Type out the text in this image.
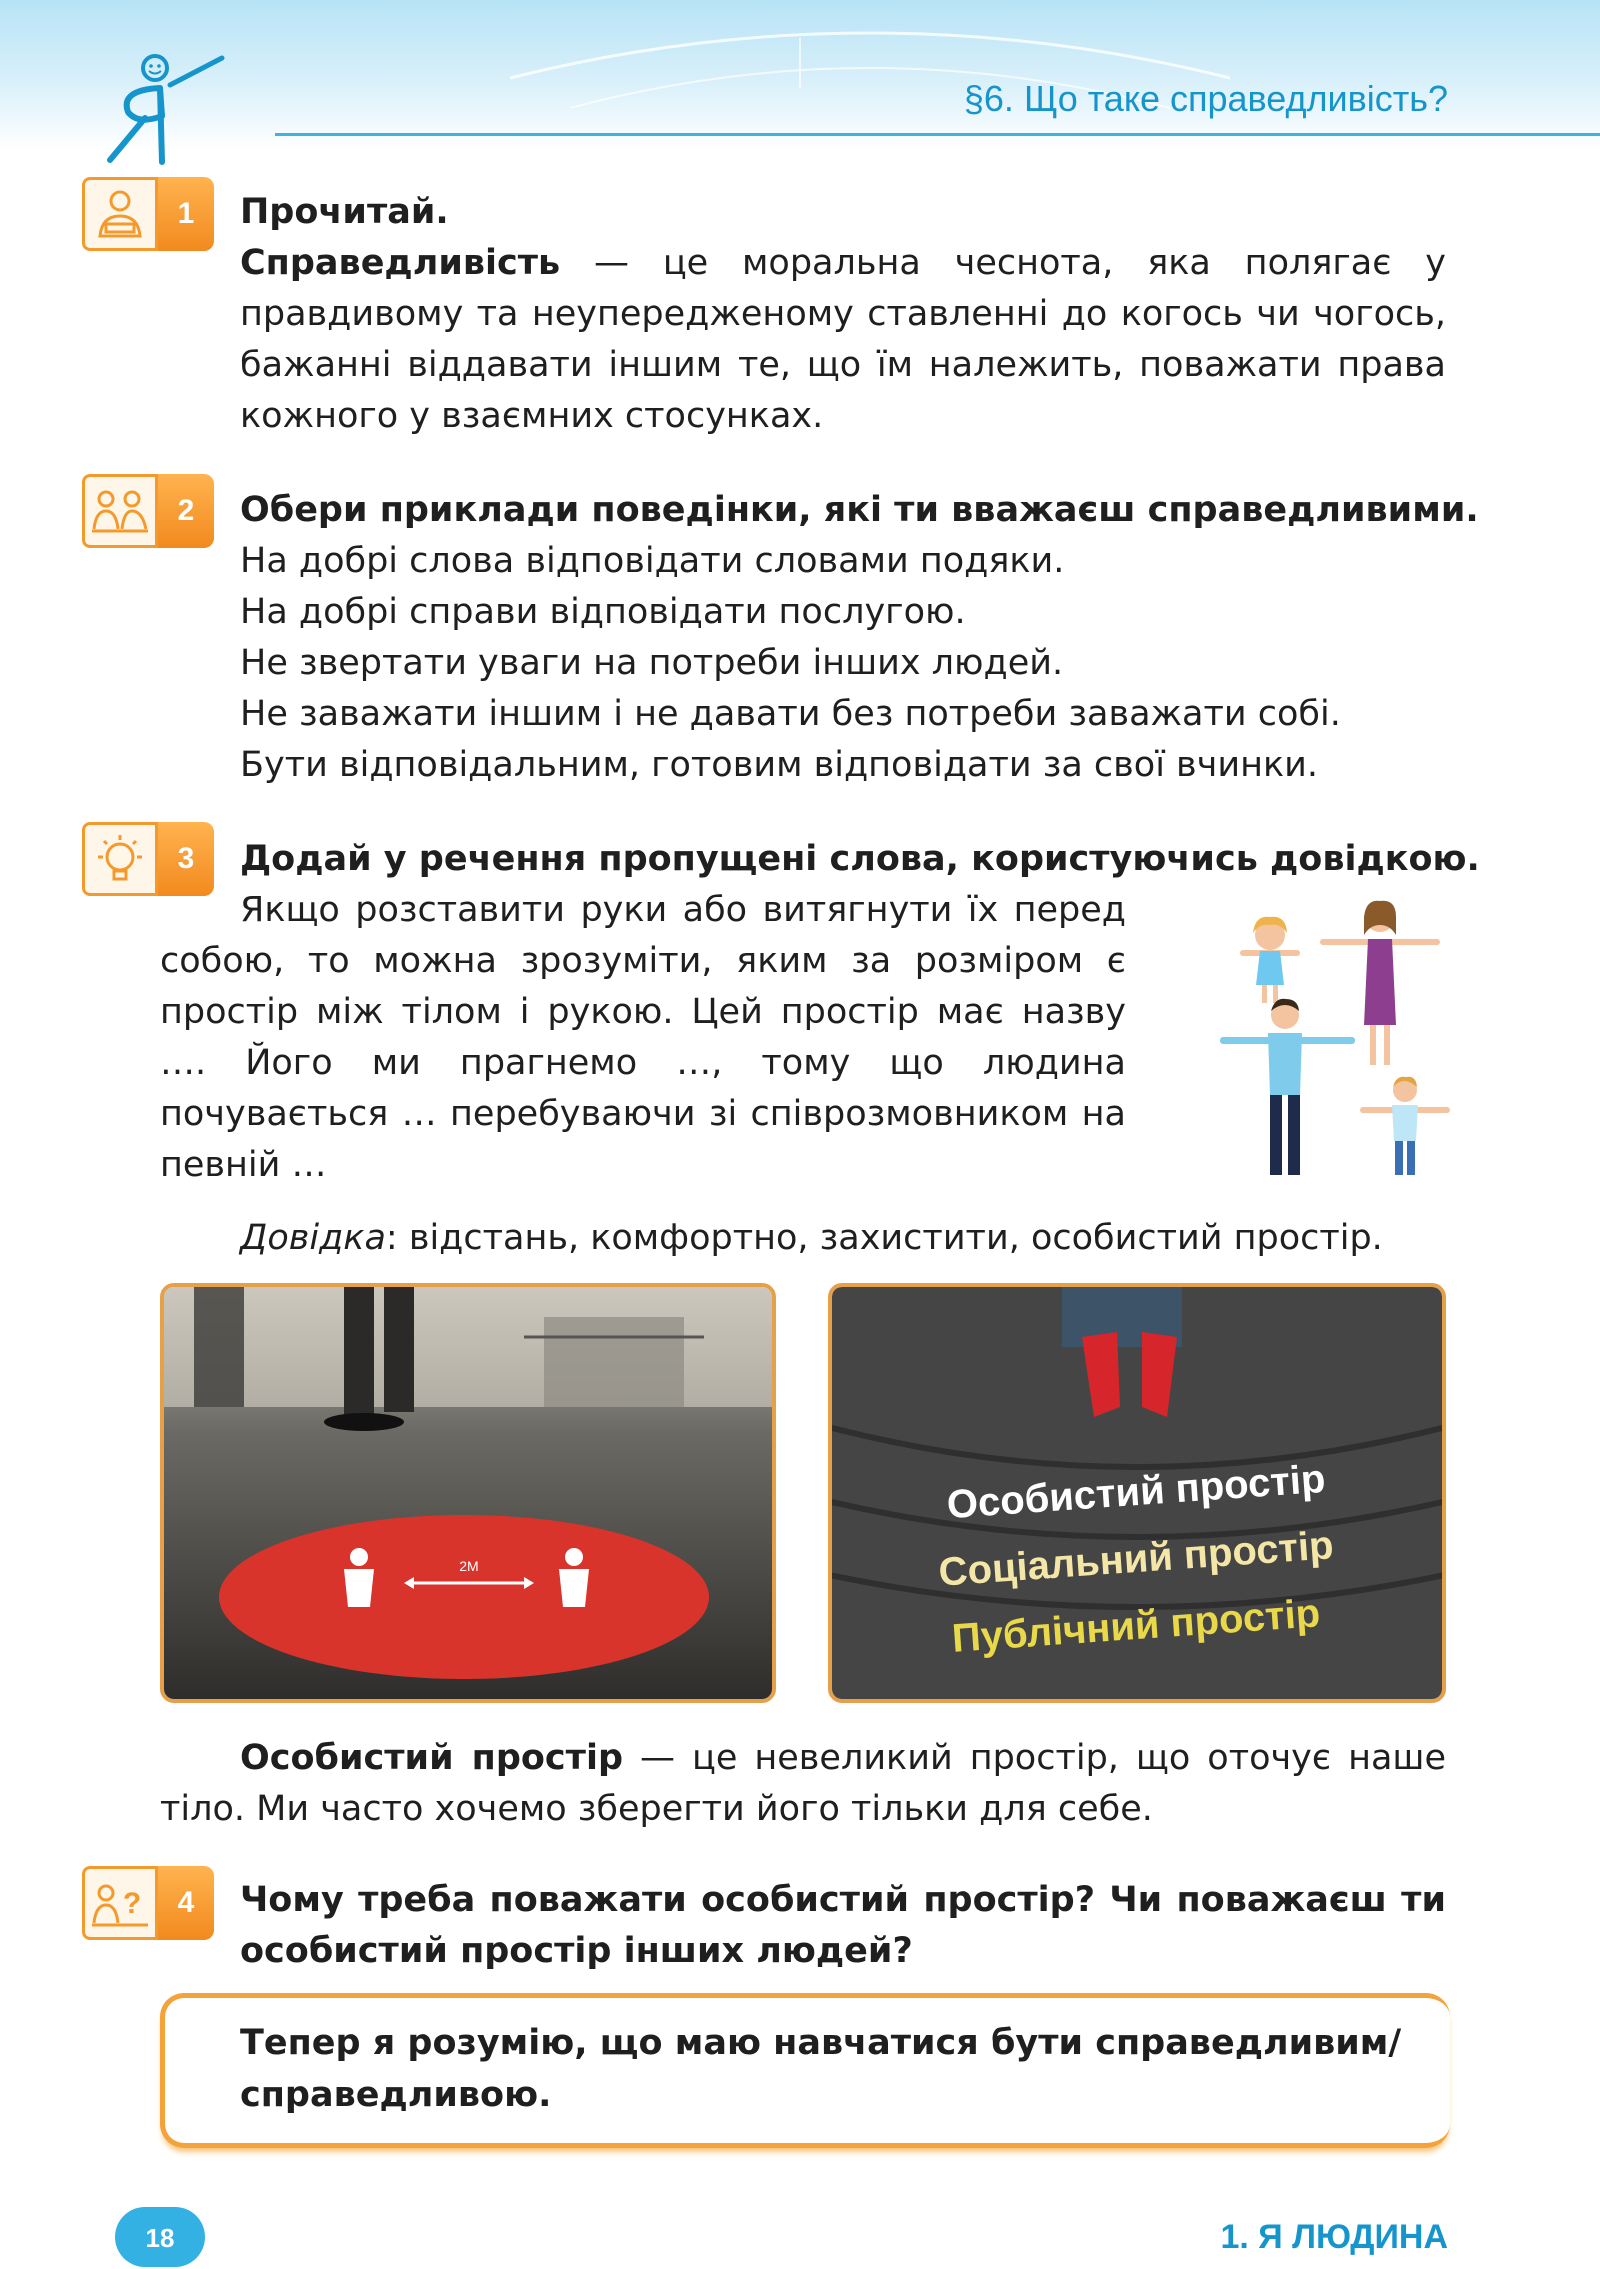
§6. Що таке справедливість?
1	Прочитай.

Справедливість — це моральна чеснота, яка полягає у правдивому та неупередженому ставленні до когось чи чогось, бажанні віддавати іншим те, що їм належить, поважати права кожного у взаємних стосунках.

2	Обери приклади поведінки, які ти вважаєш справедливими.

На добрі слова відповідати словами подяки.

На добрі справи відповідати послугою.

Не звертати уваги на потреби інших людей.

Не заважати іншим і не давати без потреби заважати собі.

Бути відповідальним, готовим відповідати за свої вчинки.

3	Додай у речення пропущені слова, користуючись довідкою.
Якщо розставити руки або витягнути їх перед собою, то можна зрозуміти, яким за розміром є простір між тілом і рукою. Цей простір має назву …. Його ми прагнемо …, тому що людина почувається … перебуваючи зі співрозмовником на певній …

Довідка: відстань, комфортно, захистити, особистий простір.

2M
Особистий простір
Соціальний простір
Публічний простір

Особистий простір — це невеликий простір, що оточує наше тіло. Ми часто хочемо зберегти його тільки для себе.

?	4	Чому треба поважати особистий простір? Чи поважаєш ти особистий простір інших людей?
Тепер я розумію, що маю навчатися бути справедливим/ справедливою.
18	1. Я ЛЮДИНА
